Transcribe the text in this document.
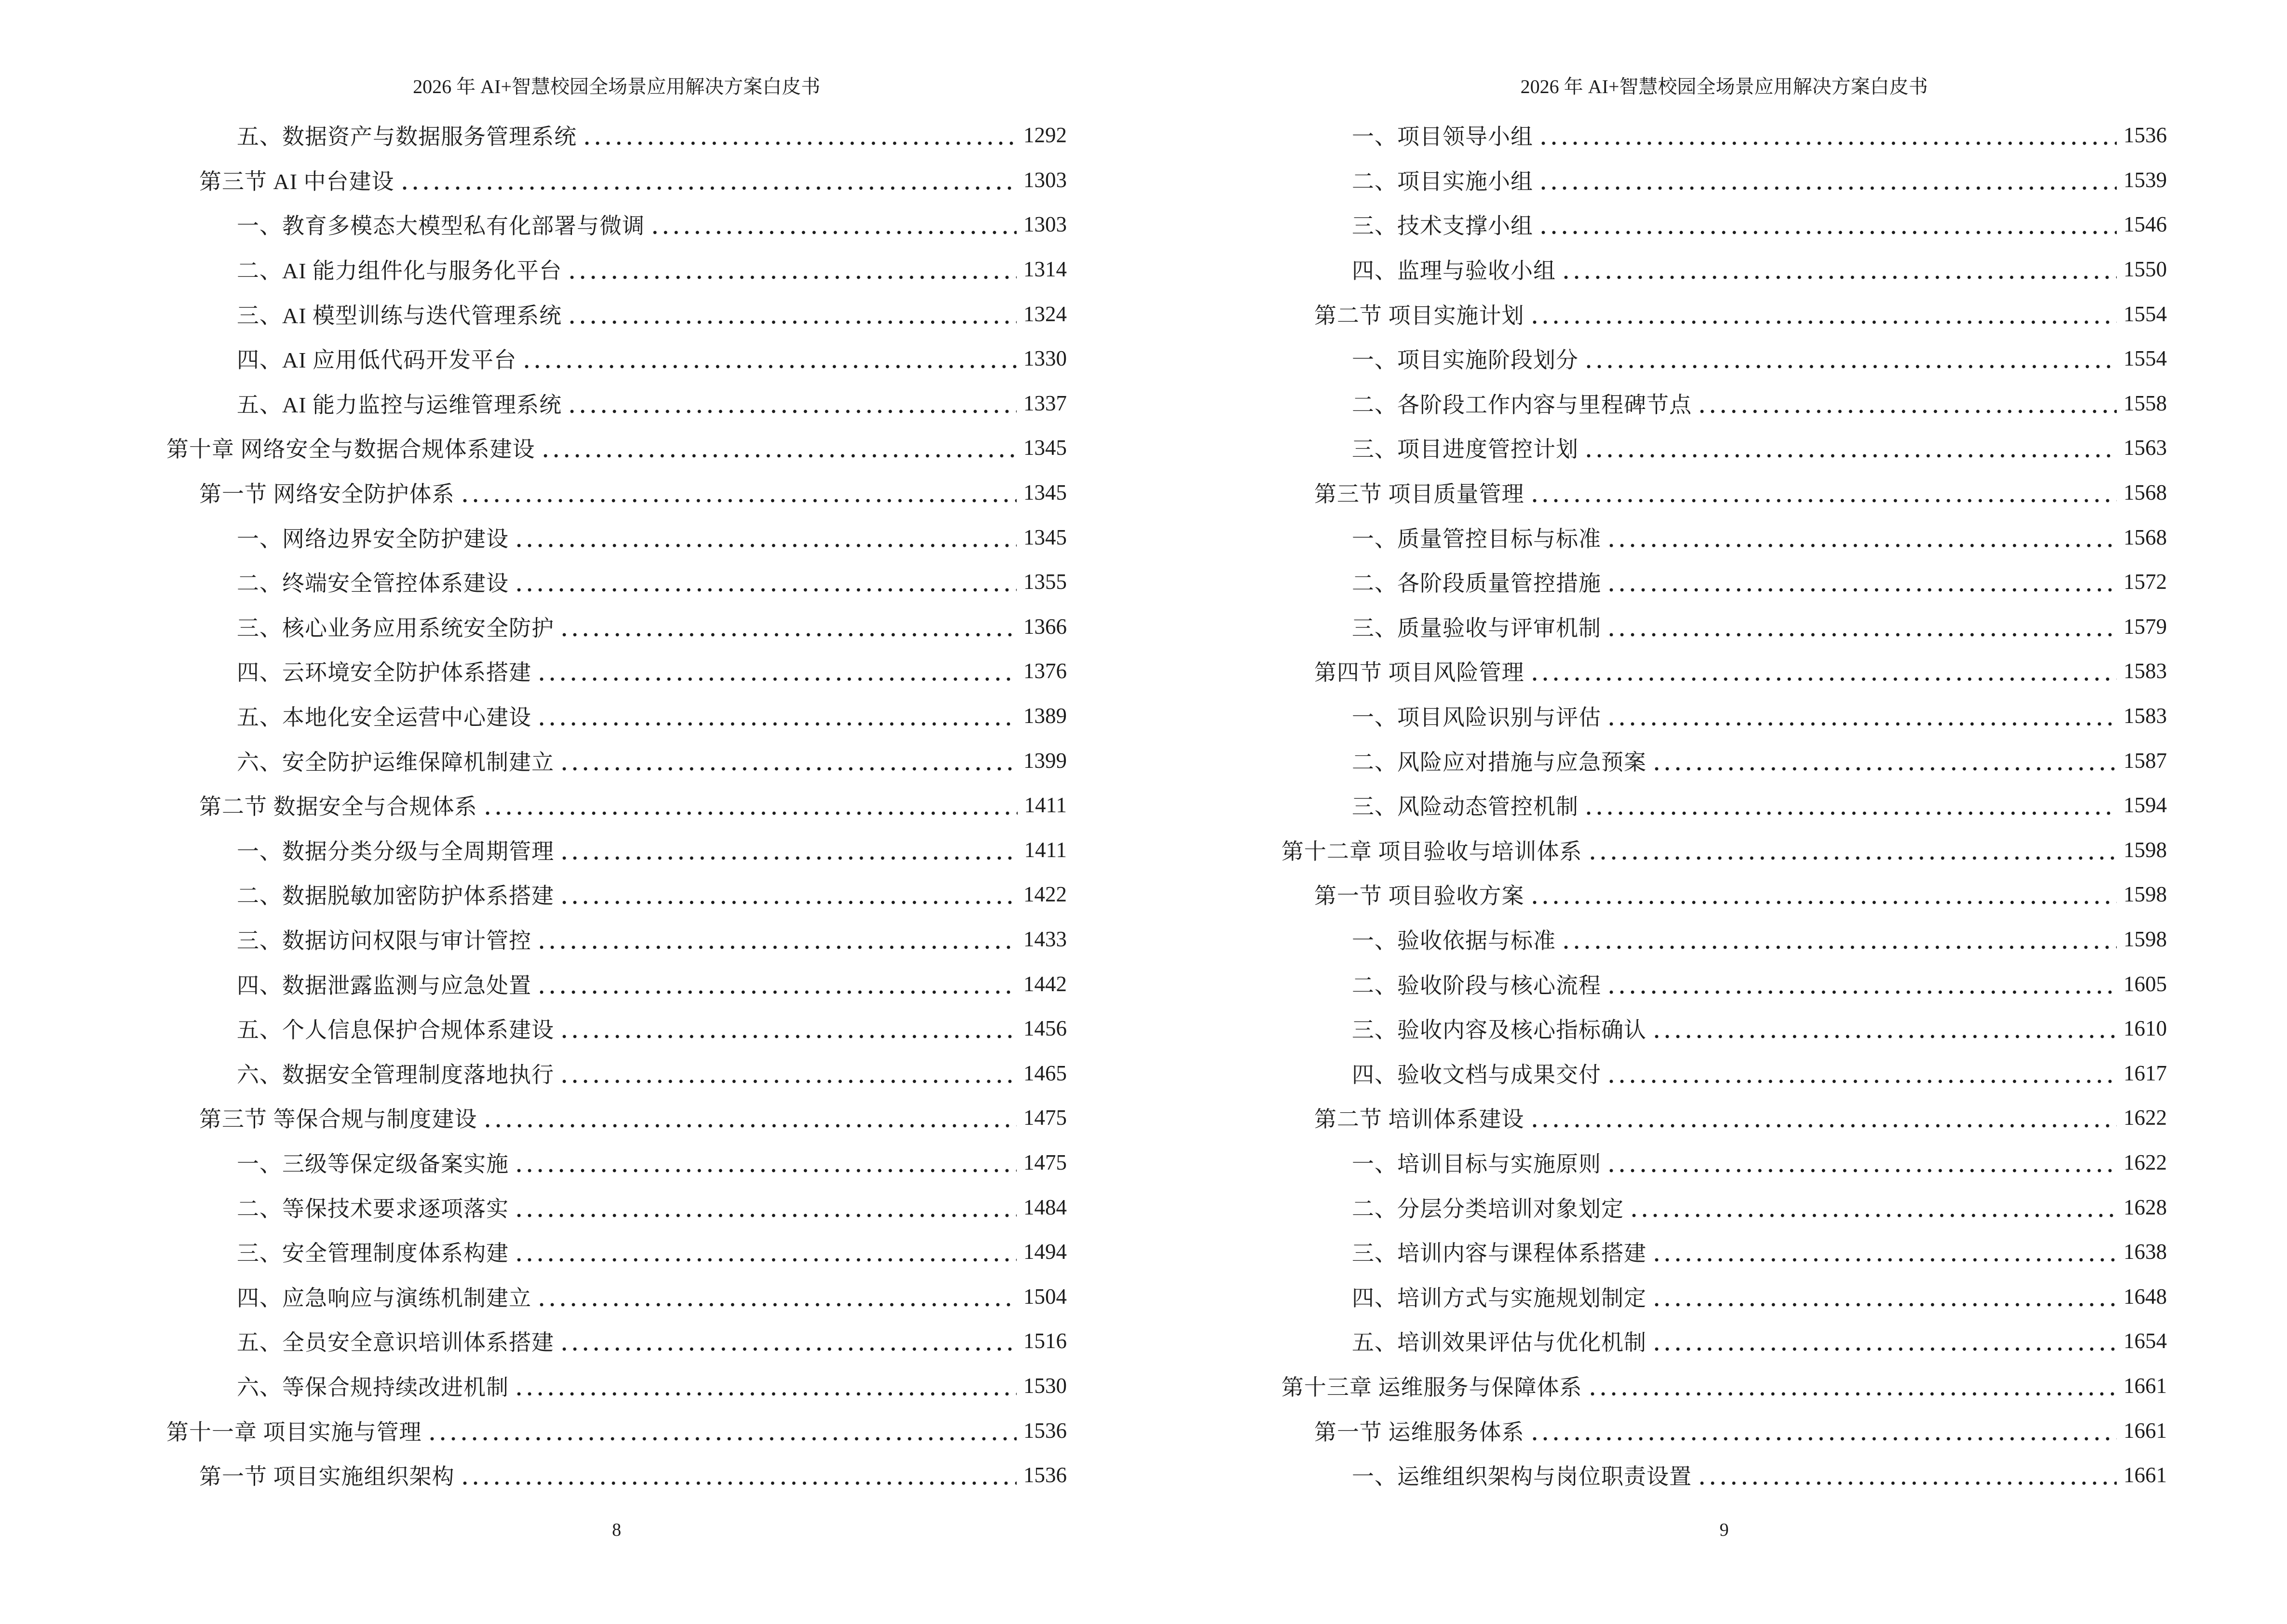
2026 年 AI+智慧校园全场景应用解决方案白皮书
五、数据资产与数据服务管理系统	1292
第三节 AI 中台建设	1303
一、教育多模态大模型私有化部署与微调	1303
二、AI 能力组件化与服务化平台	1314
三、AI 模型训练与迭代管理系统	1324
四、AI 应用低代码开发平台	1330
五、AI 能力监控与运维管理系统	1337
第十章 网络安全与数据合规体系建设	1345
第一节 网络安全防护体系	1345
一、网络边界安全防护建设	1345
二、终端安全管控体系建设	1355
三、核心业务应用系统安全防护	1366
四、云环境安全防护体系搭建	1376
五、本地化安全运营中心建设	1389
六、安全防护运维保障机制建立	1399
第二节 数据安全与合规体系	1411
一、数据分类分级与全周期管理	1411
二、数据脱敏加密防护体系搭建	1422
三、数据访问权限与审计管控	1433
四、数据泄露监测与应急处置	1442
五、个人信息保护合规体系建设	1456
六、数据安全管理制度落地执行	1465
第三节 等保合规与制度建设	1475
一、三级等保定级备案实施	1475
二、等保技术要求逐项落实	1484
三、安全管理制度体系构建	1494
四、应急响应与演练机制建立	1504
五、全员安全意识培训体系搭建	1516
六、等保合规持续改进机制	1530
第十一章 项目实施与管理	1536
第一节 项目实施组织架构	1536
8
2026 年 AI+智慧校园全场景应用解决方案白皮书
一、项目领导小组	1536
二、项目实施小组	1539
三、技术支撑小组	1546
四、监理与验收小组	1550
第二节 项目实施计划	1554
一、项目实施阶段划分	1554
二、各阶段工作内容与里程碑节点	1558
三、项目进度管控计划	1563
第三节 项目质量管理	1568
一、质量管控目标与标准	1568
二、各阶段质量管控措施	1572
三、质量验收与评审机制	1579
第四节 项目风险管理	1583
一、项目风险识别与评估	1583
二、风险应对措施与应急预案	1587
三、风险动态管控机制	1594
第十二章 项目验收与培训体系	1598
第一节 项目验收方案	1598
一、验收依据与标准	1598
二、验收阶段与核心流程	1605
三、验收内容及核心指标确认	1610
四、验收文档与成果交付	1617
第二节 培训体系建设	1622
一、培训目标与实施原则	1622
二、分层分类培训对象划定	1628
三、培训内容与课程体系搭建	1638
四、培训方式与实施规划制定	1648
五、培训效果评估与优化机制	1654
第十三章 运维服务与保障体系	1661
第一节 运维服务体系	1661
一、运维组织架构与岗位职责设置	1661
9
